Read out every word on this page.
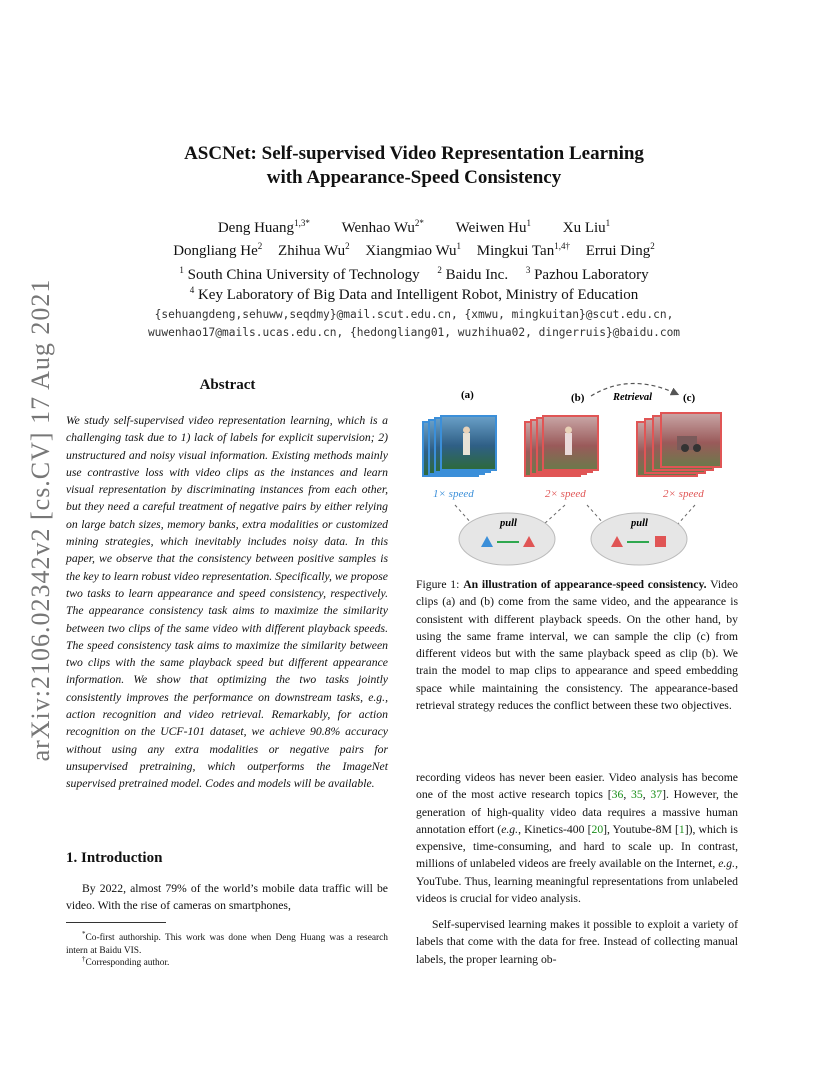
arXiv:2106.02342v2 [cs.CV] 17 Aug 2021
ASCNet: Self-supervised Video Representation Learning
with Appearance-Speed Consistency
Deng Huang$^{1,3*}$ Wenhao $Wu^{2*}$ Weiwen Hu$^1$ Xu Liu$^1$
Dongliang He$^2$ Zhihua Wu$^2$ Xiangmiao Wu$^1$ Mingkui Tan$^{1,4\dagger}$ Errui Ding$^2$
$^1$ South China University of Technology $^2$ Baidu Inc. $^3$ Pazhou Laboratory
$^4$ Key Laboratory of Big Data and Intelligent Robot, Ministry of Education
{sehuangdeng,sehuww,seqdmy}@mail.scut.edu.cn, {xmwu, mingkuitan}@scut.edu.cn,
wuwenhao17@mails.ucas.edu.cn, {hedongliang01, wuzhihua02, dingerruis}@baidu.com
Abstract
We study self-supervised video representation learning, which is a challenging task due to 1) lack of labels for explicit supervision; 2) unstructured and noisy visual information. Existing methods mainly use contrastive loss with video clips as the instances and learn visual representation by discriminating instances from each other, but they need a careful treatment of negative pairs by either relying on large batch sizes, memory banks, extra modalities or customized mining strategies, which inevitably includes noisy data. In this paper, we observe that the consistency between positive samples is the key to learn robust video representation. Specifically, we propose two tasks to learn appearance and speed consistency, respectively. The appearance consistency task aims to maximize the similarity between two clips of the same video with different playback speeds. The speed consistency task aims to maximize the similarity between two clips with the same playback speed but different appearance information. We show that optimizing the two tasks jointly consistently improves the performance on downstream tasks, e.g., action recognition and video retrieval. Remarkably, for action recognition on the UCF-101 dataset, we achieve 90.8% accuracy without using any extra modalities or negative pairs for unsupervised pretraining, which outperforms the ImageNet supervised pretrained model. Codes and models will be available.
1. Introduction
By 2022, almost 79% of the world’s mobile data traffic will be video. With the rise of cameras on smartphones,
*Co-first authorship. This work was done when Deng Huang was a research intern at Baidu VIS.
†Corresponding author.
(a)	(b)	(c)
Retrieval
1× speed	2× speed	2× speed
pull	pull
Figure 1: An illustration of appearance-speed consistency. Video clips (a) and (b) come from the same video, and the appearance is consistent with different playback speeds. On the other hand, by using the same frame interval, we can sample the clip (c) from different videos but with the same playback speed as clip (b). We train the model to map clips to appearance and speed embedding space while maintaining the consistency. The appearance-based retrieval strategy reduces the conflict between these two objectives.
recording videos has never been easier. Video analysis has become one of the most active research topics [36, 35, 37]. However, the generation of high-quality video data requires a massive human annotation effort (e.g., Kinetics-400 [20], Youtube-8M [1]), which is expensive, time-consuming, and hard to scale up. In contrast, millions of unlabeled videos are freely available on the Internet, e.g., YouTube. Thus, learning meaningful representations from unlabeled videos is crucial for video analysis.
Self-supervised learning makes it possible to exploit a variety of labels that come with the data for free. Instead of collecting manual labels, the proper learning ob-
